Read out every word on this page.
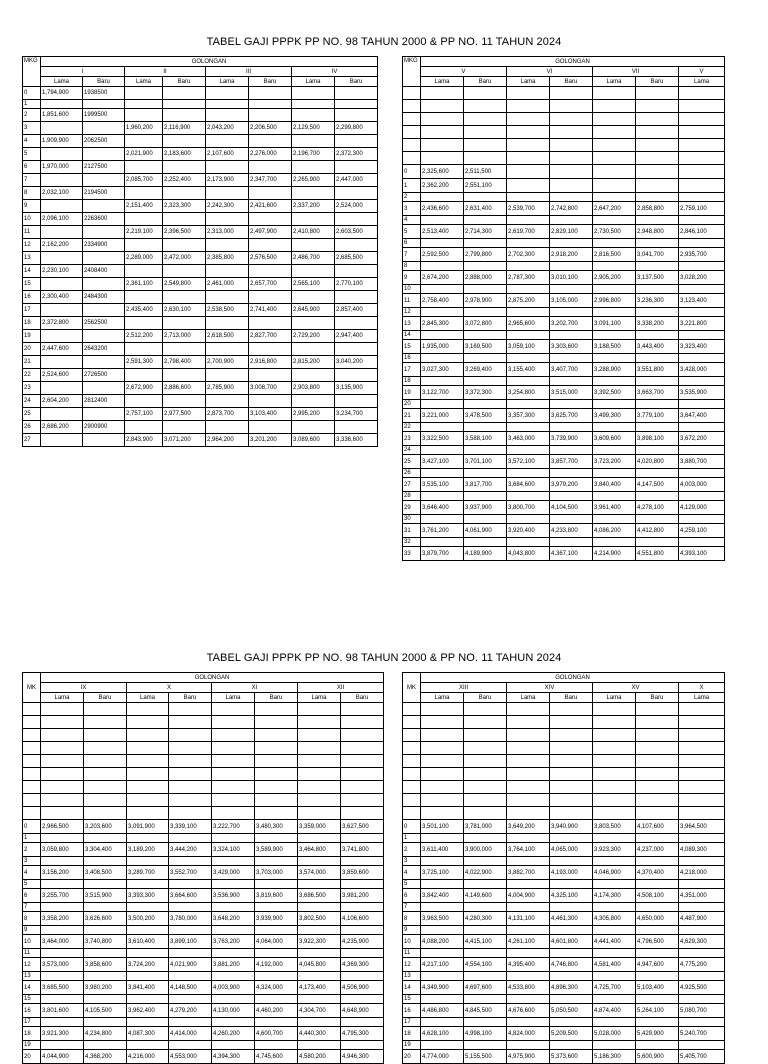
TABEL GAJI PPPK PP NO. 98 TAHUN 2000 & PP NO. 11 TAHUN 2024
MKG	GOLONGAN							
	I		II		III		IV	
	Lama	Baru	Lama	Baru	Lama	Baru	Lama	Baru
0	1,794,900	1938500						
1								
2	1,851,600	1999500						
3			1,960,200	2,116,900	2,043,200	2,206,500	2,129,500	2,299,800
4	1,909,900	2062500						
5			2,021,900	2,183,600	2,107,600	2,276,000	2,196,700	2,372,300
6	1,970,000	2127500						
7			2,085,700	2,252,400	2,173,900	2,347,700	2,265,900	2,447,000
8	2,032,100	2194500						
9			2,151,400	2,323,300	2,242,300	2,421,600	2,337,200	2,524,000
10	2,096,100	2263600						
11			2,219,100	2,396,500	2,313,000	2,497,900	2,410,800	2,603,500
12	2,162,200	2334900						
13			2,289,000	2,472,000	2,385,800	2,576,500	2,486,700	2,685,500
14	2,230,100	2408400						
15			2,361,100	2,549,800	2,461,000	2,657,700	2,565,100	2,770,100
16	2,300,400	2484300						
17			2,435,400	2,630,100	2,538,500	2,741,400	2,645,900	2,857,400
18	2,372,800	2562500						
19			2,512,200	2,713,000	2,618,500	2,827,700	2,729,200	2,947,400
20	2,447,600	2643200						
21			2,591,300	2,798,400	2,700,900	2,916,800	2,815,200	3,040,200
22	2,524,600	2726500						
23			2,672,900	2,886,600	2,785,900	3,008,700	2,903,800	3,135,900
24	2,604,200	2812400						
25			2,757,100	2,977,500	2,873,700	3,103,400	2,995,200	3,234,700
26	2,686,200	2900900						
27			2,843,900	3,071,200	2,964,200	3,201,200	3,089,600	3,336,600
MKG	GOLONGAN						
	V		VI		VII		V
	Lama	Baru	Lama	Baru	Lama	Baru	Lama

0	2,325,600	2,511,500					
1	2,362,200	2,551,100					
2							
3	2,436,600	2,631,400	2,539,700	2,742,800	2,647,200	2,858,800	2,759,100
4							
5	2,513,400	2,714,300	2,619,700	2,829,100	2,730,500	2,948,800	2,846,100
6							
7	2,592,500	2,799,800	2,702,300	2,918,200	2,816,500	3,041,700	2,935,700
8							
9	2,674,200	2,888,000	2,787,300	3,010,100	2,905,200	3,137,500	3,028,200
10							
11	2,758,400	2,978,900	2,875,200	3,105,000	2,996,800	3,236,300	3,123,400
12							
13	2,845,300	3,072,800	2,965,600	3,202,700	3,091,100	3,338,200	3,221,800
14							
15	1,935,000	3,169,500	3,059,100	3,303,600	3,188,500	3,443,400	3,323,400
16							
17	3,027,300	3,269,400	3,155,400	3,407,700	3,288,900	3,551,800	3,428,000
18							
19	3,122,700	3,372,300	3,254,800	3,515,000	3,392,500	3,663,700	3,535,900
20							
21	3,221,000	3,478,500	3,357,300	3,625,700	3,499,300	3,779,100	3,647,400
22							
23	3,322,500	3,588,100	3,463,000	3,739,900	3,609,600	3,898,100	3,672,200
24							
25	3,427,100	3,701,100	3,572,100	3,857,700	3,723,200	4,020,800	3,880,700
26							
27	3,535,100	3,817,700	3,684,600	3,979,200	3,840,400	4,147,500	4,003,000
28							
29	3,646,400	3,937,900	3,800,700	4,104,500	3,961,400	4,278,100	4,129,000
30							
31	3,761,200	4,061,900	3,920,400	4,233,800	4,086,200	4,412,800	4,259,100
32							
33	3,879,700	4,189,900	4,043,800	4,367,100	4,214,900	4,551,800	4,393,100
TABEL GAJI PPPK PP NO. 98 TAHUN 2000 & PP NO. 11 TAHUN 2024
MK	GOLONGAN							
	IX		X		XI		XII	
	Lama	Baru	Lama	Baru	Lama	Baru	Lama	Baru

0	2,966,500	3,203,600	3,091,900	3,339,100	3,222,700	3,480,300	3,359,000	3,627,500
1								
2	3,059,800	3,304,400	3,189,200	3,444,200	3,324,100	3,589,900	3,464,800	3,741,800
3								
4	3,156,200	3,408,500	3,289,700	3,552,700	3,429,000	3,703,000	3,574,000	3,859,600
5								
6	3,255,700	3,515,900	3,393,300	3,664,600	3,536,900	3,819,600	3,686,500	3,981,200
7								
8	3,358,200	3,626,600	3,500,200	3,780,000	3,648,200	3,939,900	3,802,500	4,106,600
9								
10	3,464,000	3,740,800	3,610,400	3,899,100	3,763,200	4,064,000	3,922,300	4,235,900
11								
12	3,573,000	3,858,600	3,724,200	4,021,900	3,881,200	4,192,000	4,045,800	4,369,300
13								
14	3,685,500	3,980,200	3,841,400	4,148,500	4,003,900	4,324,000	4,173,400	4,506,900
15								
16	3,801,600	4,105,500	3,962,400	4,279,200	4,130,000	4,460,200	4,304,700	4,648,900
17								
18	3,921,300	4,234,800	4,087,300	4,414,000	4,260,200	4,600,700	4,440,300	4,795,300
19								
20	4,044,900	4,368,200	4,216,000	4,553,000	4,394,300	4,745,600	4,580,200	4,946,300
MK	GOLONGAN						
	XIII		XIV		XV		X
	Lama	Baru	Lama	Baru	Lama	Baru	Lama

0	3,501,100	3,781,000	3,649,200	3,940,900	3,803,500	4,107,600	3,964,500
1							
2	3,611,400	3,900,000	3,764,100	4,065,000	3,923,300	4,237,000	4,089,300
3							
4	3,725,100	4,022,900	3,882,700	4,193,000	4,046,900	4,370,400	4,218,000
5							
6	3,842,400	4,149,600	4,004,900	4,325,100	4,174,300	4,508,100	4,351,000
7							
8	3,963,500	4,280,300	4,131,100	4,461,300	4,305,800	4,650,000	4,487,900
9							
10	4,088,200	4,415,100	4,261,100	4,601,800	4,441,400	4,796,500	4,629,300
11							
12	4,217,100	4,554,100	4,395,400	4,746,800	4,581,400	4,947,600	4,775,200
13							
14	4,349,900	4,697,600	4,533,800	4,896,300	4,725,700	5,103,400	4,925,500
15							
16	4,486,800	4,845,500	4,676,600	5,050,500	4,874,400	5,264,100	5,080,700
17							
18	4,628,100	4,998,100	4,824,000	5,209,500	5,028,000	5,429,900	5,240,700
19							
20	4,774,000	5,155,500	4,975,900	5,373,600	5,186,300	5,600,900	5,405,700
